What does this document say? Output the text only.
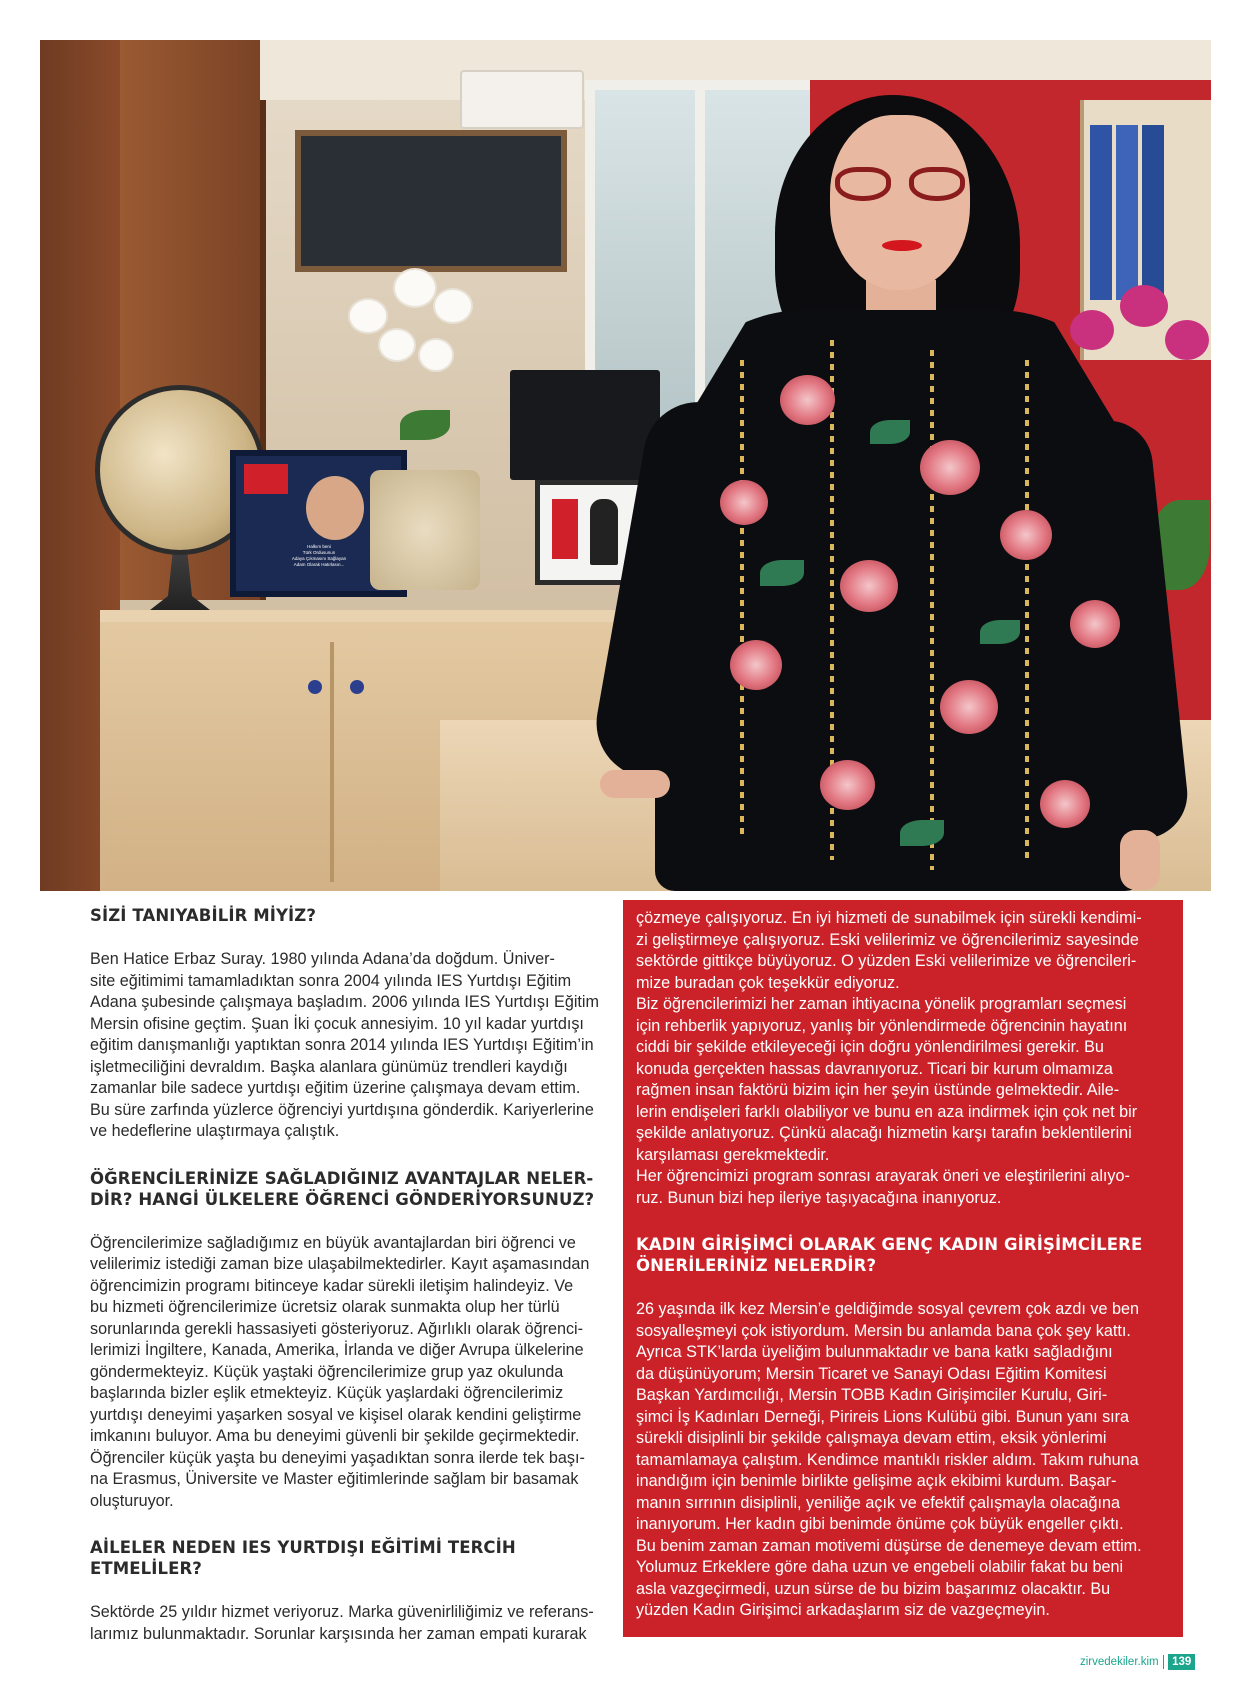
Halkım beni
Türk Ordusunun
Adaya Çıkmasını Sağlayan
Adam Olarak Hatırlasın...
SİZİ TANIYABİLİR MİYİZ?

Ben Hatice Erbaz Suray. 1980 yılında Adana’da doğdum. Üniver-
site eğitimimi tamamladıktan sonra 2004 yılında IES Yurtdışı Eğitim
Adana şubesinde çalışmaya başladım. 2006 yılında IES Yurtdışı Eğitim
Mersin ofisine geçtim. Şuan İki çocuk annesiyim. 10 yıl kadar yurtdışı
eğitim danışmanlığı yaptıktan sonra 2014 yılında IES Yurtdışı Eğitim’in
işletmeciliğini devraldım. Başka alanlara günümüz trendleri kaydığı
zamanlar bile sadece yurtdışı eğitim üzerine çalışmaya devam ettim.
Bu süre zarfında yüzlerce öğrenciyi yurtdışına gönderdik. Kariyerlerine
ve hedeflerine ulaştırmaya çalıştık.

ÖĞRENCİLERİNİZE SAĞLADIĞINIZ AVANTAJLAR NELER-
DİR? HANGİ ÜLKELERE ÖĞRENCİ GÖNDERİYORSUNUZ?

Öğrencilerimize sağladığımız en büyük avantajlardan biri öğrenci ve
velilerimiz istediği zaman bize ulaşabilmektedirler. Kayıt aşamasından
öğrencimizin programı bitinceye kadar sürekli iletişim halindeyiz. Ve
bu hizmeti öğrencilerimize ücretsiz olarak sunmakta olup her türlü
sorunlarında gerekli hassasiyeti gösteriyoruz. Ağırlıklı olarak öğrenci-
lerimizi İngiltere, Kanada, Amerika, İrlanda ve diğer Avrupa ülkelerine
göndermekteyiz. Küçük yaştaki öğrencilerimize grup yaz okulunda
başlarında bizler eşlik etmekteyiz. Küçük yaşlardaki öğrencilerimiz
yurtdışı deneyimi yaşarken sosyal ve kişisel olarak kendini geliştirme
imkanını buluyor. Ama bu deneyimi güvenli bir şekilde geçirmektedir.
Öğrenciler küçük yaşta bu deneyimi yaşadıktan sonra ilerde tek başı-
na Erasmus, Üniversite ve Master eğitimlerinde sağlam bir basamak
oluşturuyor.

AİLELER NEDEN IES YURTDIŞI EĞİTİMİ TERCİH ETMELİLER?

Sektörde 25 yıldır hizmet veriyoruz. Marka güvenirliliğimiz ve referans-
larımız bulunmaktadır. Sorunlar karşısında her zaman empati kurarak

çözmeye çalışıyoruz. En iyi hizmeti de sunabilmek için sürekli kendimi-
zi geliştirmeye çalışıyoruz. Eski velilerimiz ve öğrencilerimiz sayesinde
sektörde gittikçe büyüyoruz. O yüzden Eski velilerimize ve öğrencileri-
mize buradan çok teşekkür ediyoruz.
Biz öğrencilerimizi her zaman ihtiyacına yönelik programları seçmesi
için rehberlik yapıyoruz, yanlış bir yönlendirmede öğrencinin hayatını
ciddi bir şekilde etkileyeceği için doğru yönlendirilmesi gerekir. Bu
konuda gerçekten hassas davranıyoruz. Ticari bir kurum olmamıza
rağmen insan faktörü bizim için her şeyin üstünde gelmektedir. Aile-
lerin endişeleri farklı olabiliyor ve bunu en aza indirmek için çok net bir
şekilde anlatıyoruz. Çünkü alacağı hizmetin karşı tarafın beklentilerini
karşılaması gerekmektedir.
Her öğrencimizi program sonrası arayarak öneri ve eleştirilerini alıyo-
ruz. Bunun bizi hep ileriye taşıyacağına inanıyoruz.

KADIN GİRİŞİMCİ OLARAK GENÇ KADIN GİRİŞİMCİLERE
ÖNERİLERİNİZ NELERDİR?

26 yaşında ilk kez Mersin’e geldiğimde sosyal çevrem çok azdı ve ben
sosyalleşmeyi çok istiyordum. Mersin bu anlamda bana çok şey kattı.
Ayrıca STK’larda üyeliğim bulunmaktadır ve bana katkı sağladığını
da düşünüyorum; Mersin Ticaret ve Sanayi Odası Eğitim Komitesi
Başkan Yardımcılığı, Mersin TOBB Kadın Girişimciler Kurulu, Giri-
şimci İş Kadınları Derneği, Pirireis Lions Kulübü gibi. Bunun yanı sıra
sürekli disiplinli bir şekilde çalışmaya devam ettim, eksik yönlerimi
tamamlamaya çalıştım. Kendimce mantıklı riskler aldım. Takım ruhuna
inandığım için benimle birlikte gelişime açık ekibimi kurdum. Başar-
manın sırrının disiplinli, yeniliğe açık ve efektif çalışmayla olacağına
inanıyorum. Her kadın gibi benimde önüme çok büyük engeller çıktı.
Bu benim zaman zaman motivemi düşürse de denemeye devam ettim.
Yolumuz Erkeklere göre daha uzun ve engebeli olabilir fakat bu beni
asla vazgeçirmedi, uzun sürse de bu bizim başarımız olacaktır. Bu
yüzden Kadın Girişimci arkadaşlarım siz de vazgeçmeyin.

zirvedekiler.kim	139
